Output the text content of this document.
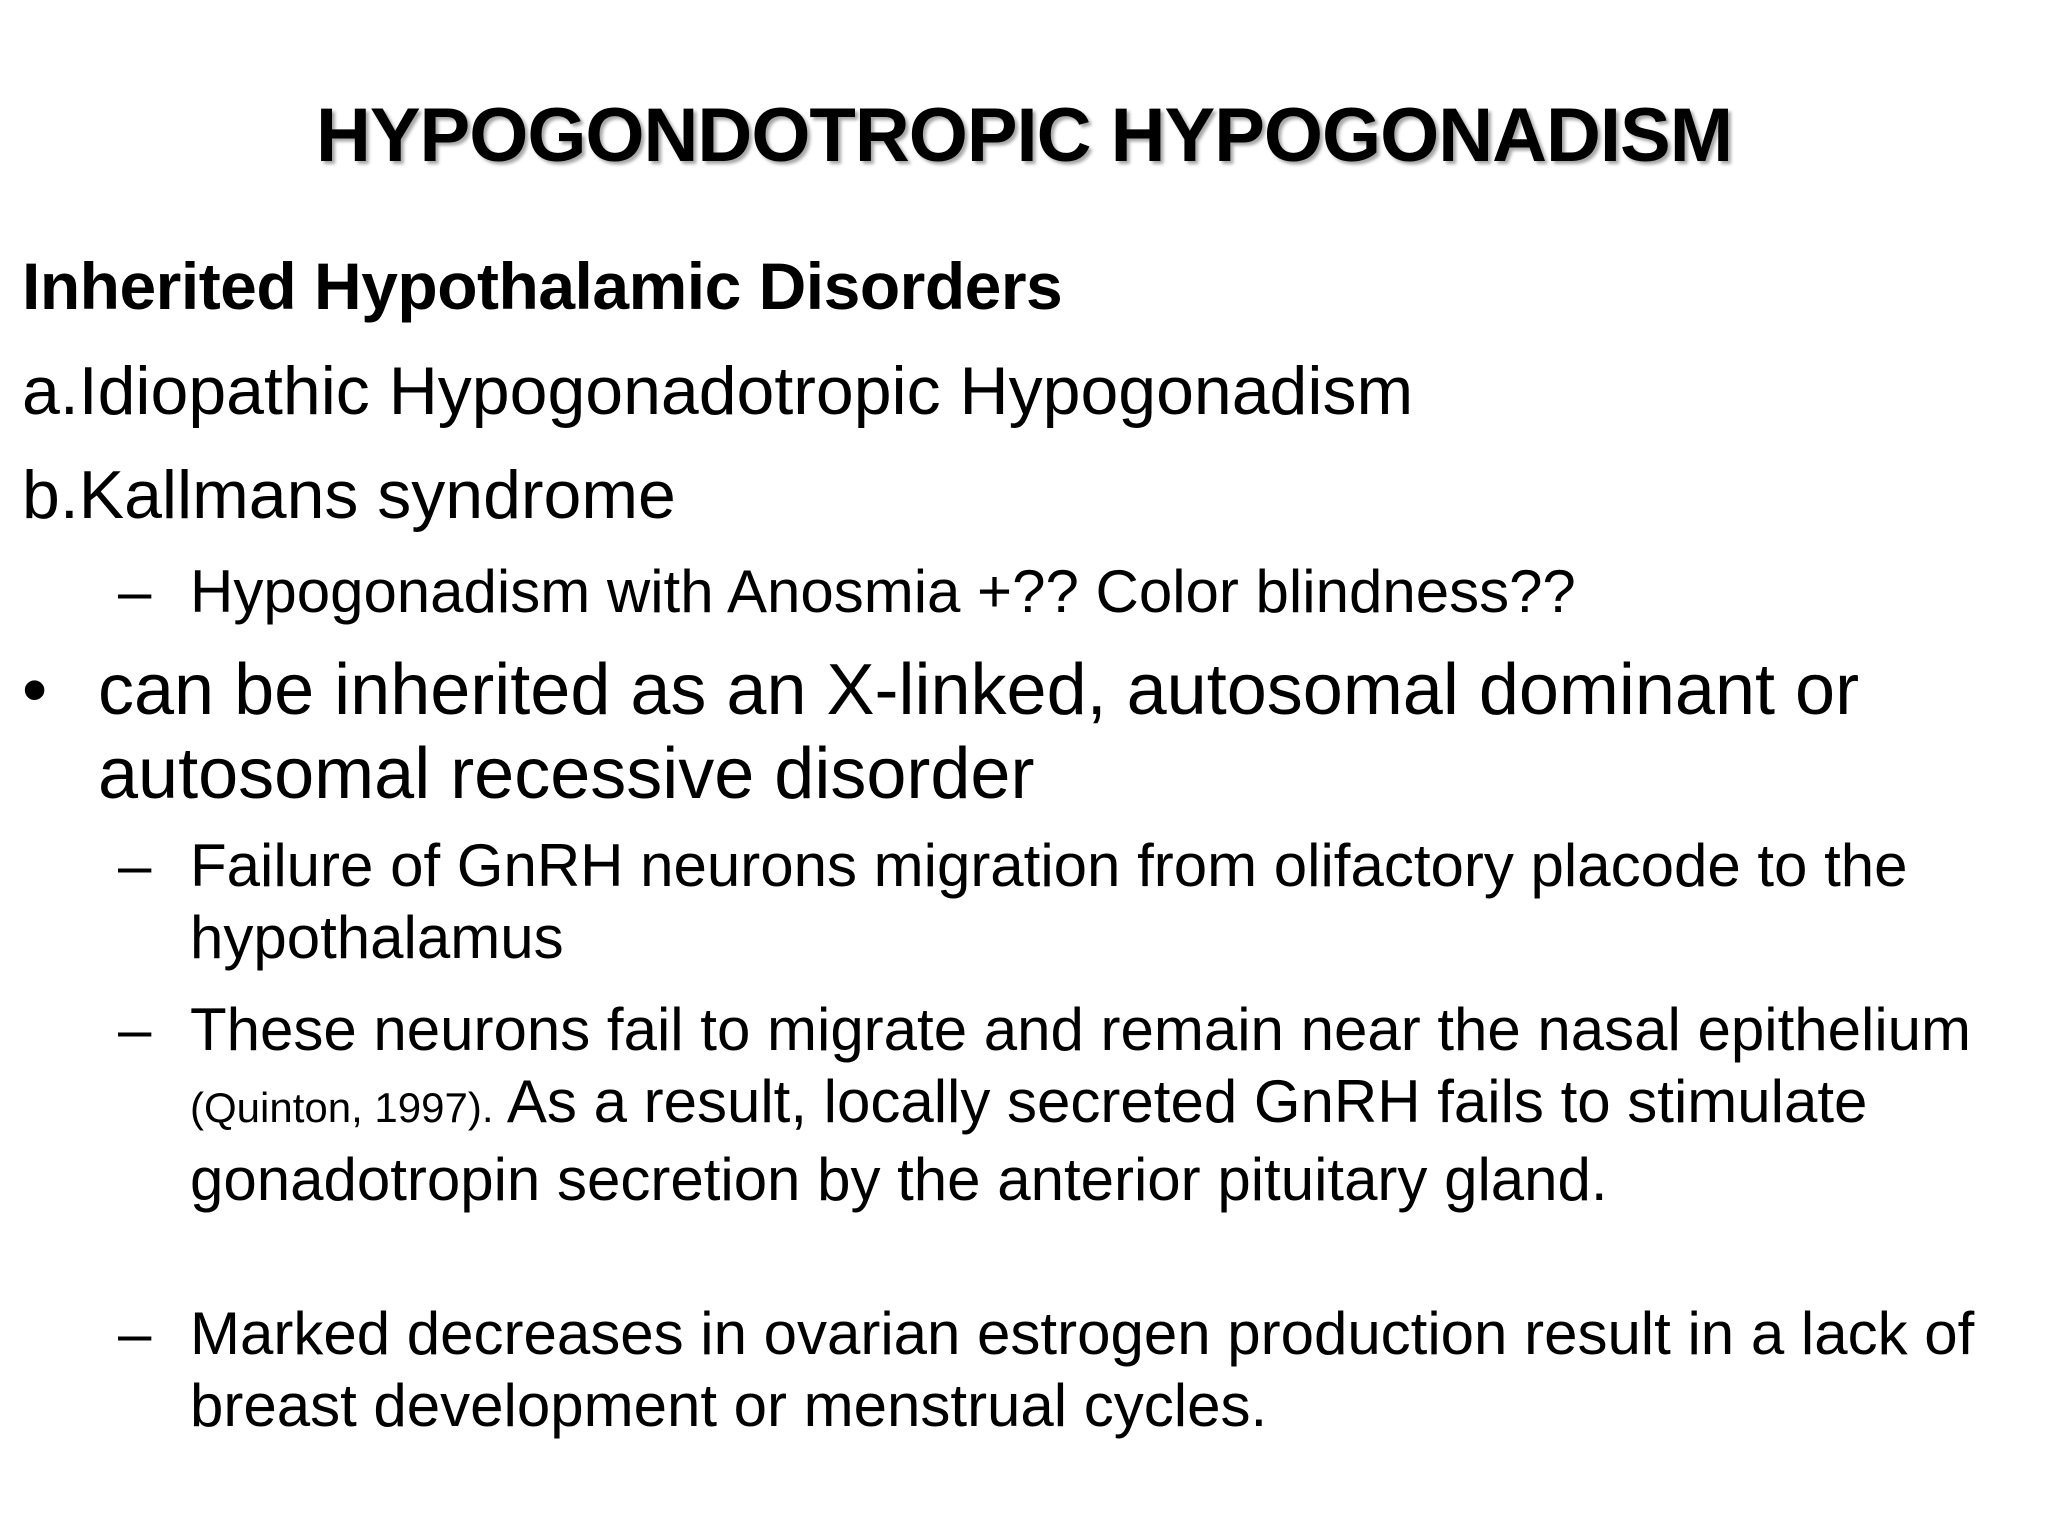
HYPOGONDOTROPIC HYPOGONADISM
Inherited Hypothalamic Disorders
a.Idiopathic Hypogonadotropic Hypogonadism
b.Kallmans syndrome
– Hypogonadism with Anosmia +?? Color blindness??
• can be inherited as an X-linked, autosomal dominant or autosomal recessive disorder
– Failure of GnRH neurons migration from olifactory placode to the hypothalamus
– These neurons fail to migrate and remain near the nasal epithelium (Quinton, 1997). As a result, locally secreted GnRH fails to stimulate gonadotropin secretion by the anterior pituitary gland.
– Marked decreases in ovarian estrogen production result in a lack of breast development or menstrual cycles.
